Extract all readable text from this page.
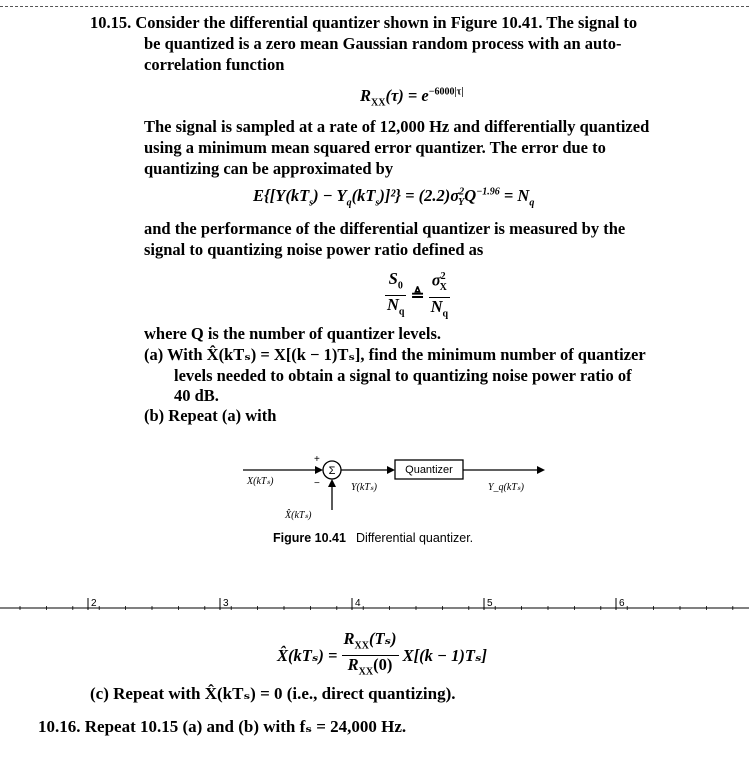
10.15. Consider the differential quantizer shown in Figure 10.41. The signal to
be quantized is a zero mean Gaussian random process with an auto-
correlation function
$R_{XX}(\tau) = e^{-6000|\tau|}$
The signal is sampled at a rate of 12,000 Hz and differentially quantized
using a minimum mean squared error quantizer. The error due to
quantizing can be approximated by
$E\{[Y(kT_s) - Y_q(kT_s)]^2\} = (2.2)\sigma^2_YQ^{-1.96} = N_q$
and the performance of the differential quantizer is measured by the
signal to quantizing noise power ratio defined as
$\frac{S_0}{N_q}$ ≜ $\frac{\sigma^2_X}{N_q}$
where Q is the number of quantizer levels.
(a) With X̂(kTₛ) = X[(k − 1)Tₛ], find the minimum number of quantizer
levels needed to obtain a signal to quantizing noise power ratio of
40 dB.
(b) Repeat (a) with
Σ
+
−
Quantizer
X(kTₛ)
Y(kTₛ)	Y_q(kTₛ)
X̂(kTₛ)
Figure 10.41 Differential quantizer.
2	3	4	5	6
X̂(kTₛ) = $\frac{R_{XX}(T_s)}{R_{XX}(0)} X[(k - 1)T_s]$
(c) Repeat with X̂(kTₛ) = 0 (i.e., direct quantizing).
10.16. Repeat 10.15 (a) and (b) with fₛ = 24,000 Hz.
